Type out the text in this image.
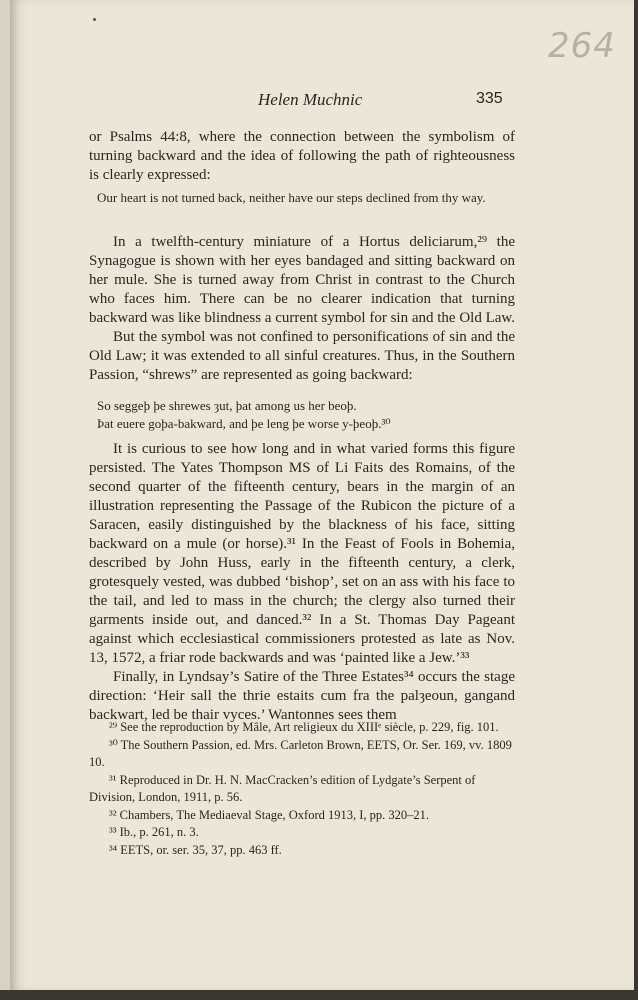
264
Helen Muchnic	335

or Psalms 44:8, where the connection between the symbolism of turning backward and the idea of following the path of righteousness is clearly expressed:

Our heart is not turned back, neither have our steps declined from thy way.

In a twelfth-century miniature of a Hortus deliciarum,²⁹ the Synagogue is shown with her eyes bandaged and sitting backward on her mule. She is turned away from Christ in contrast to the Church who faces him. There can be no clearer indication that turning backward was like blindness a current symbol for sin and the Old Law.

But the symbol was not confined to personifications of sin and the Old Law; it was extended to all sinful creatures. Thus, in the Southern Passion, “shrews” are represented as going backward:

So seggeþ þe shrewes ȝut, þat among us her beoþ.

Þat euere goþa-bakward, and þe leng þe worse y-þeoþ.³⁰

It is curious to see how long and in what varied forms this figure persisted. The Yates Thompson MS of Li Faits des Romains, of the second quarter of the fifteenth century, bears in the margin of an illustration representing the Passage of the Rubicon the picture of a Saracen, easily distinguished by the blackness of his face, sitting backward on a mule (or horse).³¹ In the Feast of Fools in Bohemia, described by John Huss, early in the fifteenth century, a clerk, grotesquely vested, was dubbed ‘bishop’, set on an ass with his face to the tail, and led to mass in the church; the clergy also turned their garments inside out, and danced.³² In a St. Thomas Day Pageant against which ecclesiastical commissioners protested as late as Nov. 13, 1572, a friar rode backwards and was ‘painted like a Jew.’³³

Finally, in Lyndsay’s Satire of the Three Estates³⁴ occurs the stage direction: ‘Heir sall the thrie estaits cum fra the palȝeoun, gangand backwart, led be thair vyces.’ Wantonnes sees them

²⁹ See the reproduction by Mâle, Art religieux du XIIIᵉ siècle, p. 229, fig. 101.

³⁰ The Southern Passion, ed. Mrs. Carleton Brown, EETS, Or. Ser. 169, vv. 1809

10.

³¹ Reproduced in Dr. H. N. MacCracken’s edition of Lydgate’s Serpent of

Division, London, 1911, p. 56.

³² Chambers, The Mediaeval Stage, Oxford 1913, I, pp. 320–21.

³³ Ib., p. 261, n. 3.

³⁴ EETS, or. ser. 35, 37, pp. 463 ff.
